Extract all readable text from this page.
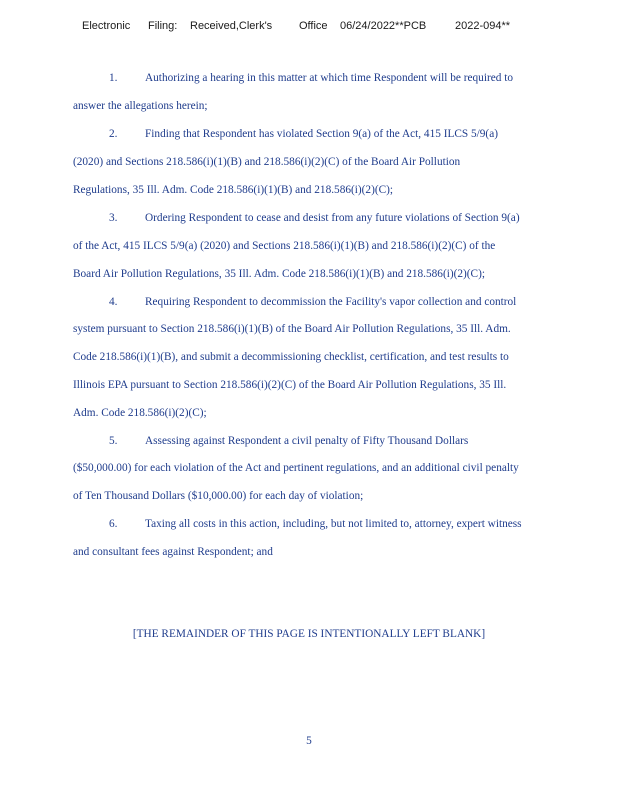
Electronic Filing: Received,Clerk's Office 06/24/2022**PCB	2022-094**
1. Authorizing a hearing in this matter at which time Respondent will be required to
answer the allegations herein;
2. Finding that Respondent has violated Section 9(a) of the Act, 415 ILCS 5/9(a)
(2020) and Sections 218.586(i)(1)(B) and 218.586(i)(2)(C) of the Board Air Pollution
Regulations, 35 Ill. Adm. Code 218.586(i)(1)(B) and 218.586(i)(2)(C);
3. Ordering Respondent to cease and desist from any future violations of Section 9(a)
of the Act, 415 ILCS 5/9(a) (2020) and Sections 218.586(i)(1)(B) and 218.586(i)(2)(C) of the
Board Air Pollution Regulations, 35 Ill. Adm. Code 218.586(i)(1)(B) and 218.586(i)(2)(C);
4. Requiring Respondent to decommission the Facility's vapor collection and control
system pursuant to Section 218.586(i)(1)(B) of the Board Air Pollution Regulations, 35 Ill. Adm.
Code 218.586(i)(1)(B), and submit a decommissioning checklist, certification, and test results to
Illinois EPA pursuant to Section 218.586(i)(2)(C) of the Board Air Pollution Regulations, 35 Ill.
Adm. Code 218.586(i)(2)(C);
5. Assessing against Respondent a civil penalty of Fifty Thousand Dollars
($50,000.00) for each violation of the Act and pertinent regulations, and an additional civil penalty
of Ten Thousand Dollars ($10,000.00) for each day of violation;
6. Taxing all costs in this action, including, but not limited to, attorney, expert witness
and consultant fees against Respondent; and
[THE REMAINDER OF THIS PAGE IS INTENTIONALLY LEFT BLANK]
5
